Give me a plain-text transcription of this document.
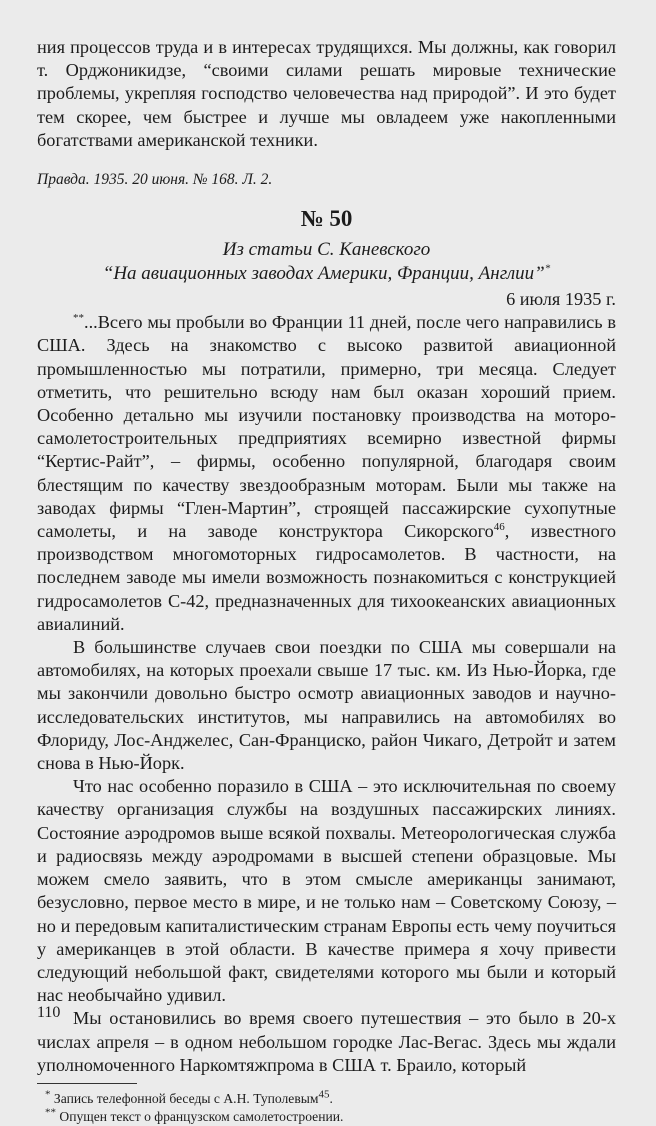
ния процессов труда и в интересах трудящихся. Мы должны, как говорил т. Орджоникидзе, “своими силами решать мировые технические проблемы, укрепляя господство человечества над природой”. И это будет тем скорее, чем быстрее и лучше мы овладеем уже накопленными богатствами американской техники.

Правда. 1935. 20 июня. № 168. Л. 2.

№ 50

Из статьи С. Каневского
“На авиационных заводах Америки, Франции, Англии”*

6 июля 1935 г.

**...Всего мы пробыли во Франции 11 дней, после чего направились в США. Здесь на знакомство с высоко развитой авиационной промышленностью мы потратили, примерно, три месяца. Следует отметить, что решительно всюду нам был оказан хороший прием. Особенно детально мы изучили постановку производства на моторо-самолетостроительных предприятиях всемирно известной фирмы “Кертис-Райт”, – фирмы, особенно популярной, благодаря своим блестящим по качеству звездообразным моторам. Были мы также на заводах фирмы “Глен-Мартин”, строящей пассажирские сухопутные самолеты, и на заводе конструктора Сикорского$^{46}$, известного производством многомоторных гидросамолетов. В частности, на последнем заводе мы имели возможность познакомиться с конструкцией гидросамолетов С-42, предназначенных для тихоокеанских авиационных авиалиний.

В большинстве случаев свои поездки по США мы совершали на автомобилях, на которых проехали свыше 17 тыс. км. Из Нью-Йорка, где мы закончили довольно быстро осмотр авиационных заводов и научно-исследовательских институтов, мы направились на автомобилях во Флориду, Лос-Анджелес, Сан-Франциско, район Чикаго, Детройт и затем снова в Нью-Йорк.

Что нас особенно поразило в США – это исключительная по своему качеству организация службы на воздушных пассажирских линиях. Состояние аэродромов выше всякой похвалы. Метеорологическая служба и радиосвязь между аэродромами в высшей степени образцовые. Мы можем смело заявить, что в этом смысле американцы занимают, безусловно, первое место в мире, и не только нам – Советскому Союзу, – но и передовым капиталистическим странам Европы есть чему поучиться у американцев в этой области. В качестве примера я хочу привести следующий небольшой факт, свидетелями которого мы были и который нас необычайно удивил.

Мы остановились во время своего путешествия – это было в 20-х числах апреля – в одном небольшом городке Лас-Вегас. Здесь мы ждали уполномоченного Наркомтяжпрома в США т. Браило, который

* Запись телефонной беседы с А.Н. Туполевым$^{45}$.

** Опущен текст о французском самолетостроении.

110
